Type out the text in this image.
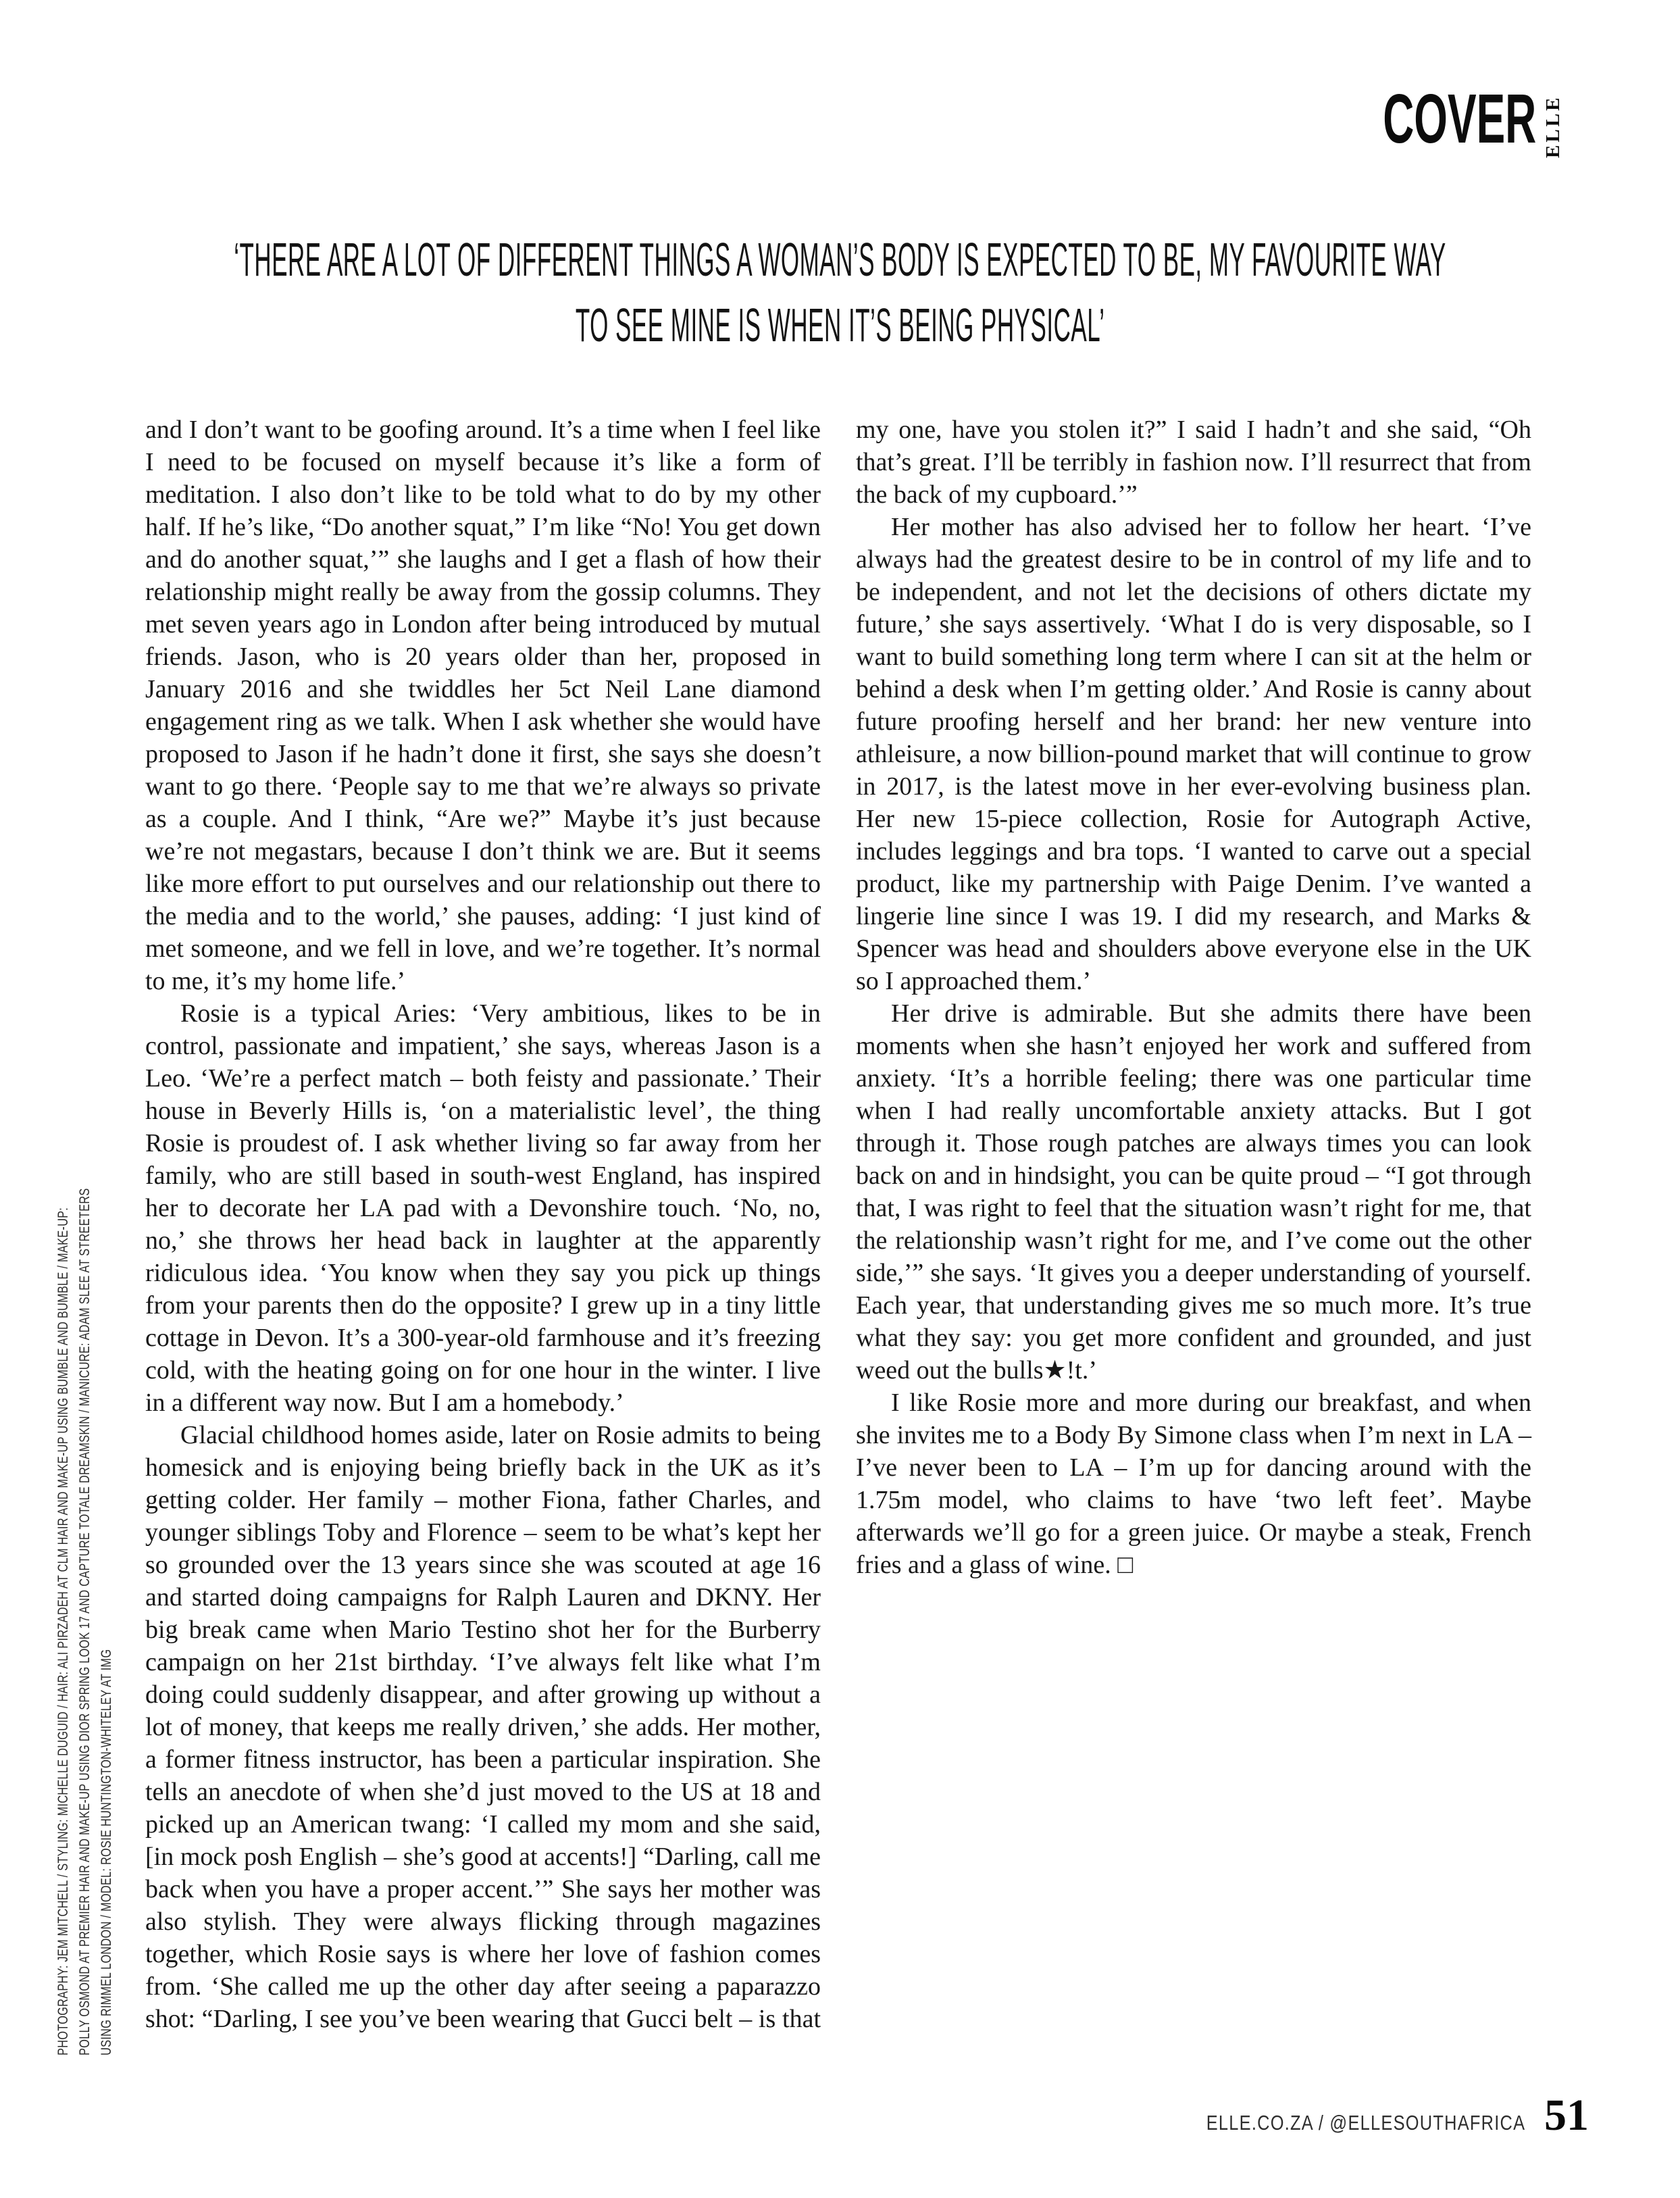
COVER ELLE
‘THERE ARE A LOT OF DIFFERENT THINGS A WOMAN’S BODY IS EXPECTED TO BE, MY FAVOURITE WAY
TO SEE MINE IS WHEN IT’S BEING PHYSICAL’

and I don’t want to be goofing around. It’s a time when I feel like I need to be focused on myself because it’s like a form of meditation. I also don’t like to be told what to do by my other half. If he’s like, “Do another squat,” I’m like “No! You get down and do another squat,’” she laughs and I get a flash of how their relationship might really be away from the gossip columns. They met seven years ago in London after being introduced by mutual friends. Jason, who is 20 years older than her, proposed in January 2016 and she twiddles her 5ct Neil Lane diamond engagement ring as we talk. When I ask whether she would have proposed to Jason if he hadn’t done it first, she says she doesn’t want to go there. ‘People say to me that we’re always so private as a couple. And I think, “Are we?” Maybe it’s just because we’re not megastars, because I don’t think we are. But it seems like more effort to put ourselves and our relationship out there to the media and to the world,’ she pauses, adding: ‘I just kind of met someone, and we fell in love, and we’re together. It’s normal to me, it’s my home life.’

Rosie is a typical Aries: ‘Very ambitious, likes to be in control, passionate and impatient,’ she says, whereas Jason is a Leo. ‘We’re a perfect match – both feisty and passionate.’ Their house in Beverly Hills is, ‘on a materialistic level’, the thing Rosie is proudest of. I ask whether living so far away from her family, who are still based in south-west England, has inspired her to decorate her LA pad with a Devonshire touch. ‘No, no, no,’ she throws her head back in laughter at the apparently ridiculous idea. ‘You know when they say you pick up things from your parents then do the opposite? I grew up in a tiny little cottage in Devon. It’s a 300-year-old farmhouse and it’s freezing cold, with the heating going on for one hour in the winter. I live in a different way now. But I am a homebody.’

Glacial childhood homes aside, later on Rosie admits to being homesick and is enjoying being briefly back in the UK as it’s getting colder. Her family – mother Fiona, father Charles, and younger siblings Toby and Florence – seem to be what’s kept her so grounded over the 13 years since she was scouted at age 16 and started doing campaigns for Ralph Lauren and DKNY. Her big break came when Mario Testino shot her for the Burberry campaign on her 21st birthday. ‘I’ve always felt like what I’m doing could suddenly disappear, and after growing up without a lot of money, that keeps me really driven,’ she adds. Her mother, a former fitness instructor, has been a particular inspiration. She tells an anecdote of when she’d just moved to the US at 18 and picked up an American twang: ‘I called my mom and she said, [in mock posh English – she’s good at accents!] “Darling, call me back when you have a proper accent.’” She says her mother was also stylish. They were always flicking through magazines together, which Rosie says is where her love of fashion comes from. ‘She called me up the other day after seeing a paparazzo shot: “Darling, I see you’ve been wearing that Gucci belt – is that my one, have you stolen it?” I said I hadn’t and she said, “Oh that’s great. I’ll be terribly in fashion now. I’ll resurrect that from the back of my cupboard.’”

Her mother has also advised her to follow her heart. ‘I’ve always had the greatest desire to be in control of my life and to be independent, and not let the decisions of others dictate my future,’ she says assertively. ‘What I do is very disposable, so I want to build something long term where I can sit at the helm or behind a desk when I’m getting older.’ And Rosie is canny about future proofing herself and her brand: her new venture into athleisure, a now billion-pound market that will continue to grow in 2017, is the latest move in her ever-evolving business plan. Her new 15-piece collection, Rosie for Autograph Active, includes leggings and bra tops. ‘I wanted to carve out a special product, like my partnership with Paige Denim. I’ve wanted a lingerie line since I was 19. I did my research, and Marks & Spencer was head and shoulders above everyone else in the UK so I approached them.’

Her drive is admirable. But she admits there have been moments when she hasn’t enjoyed her work and suffered from anxiety. ‘It’s a horrible feeling; there was one particular time when I had really uncomfortable anxiety attacks. But I got through it. Those rough patches are always times you can look back on and in hindsight, you can be quite proud – “I got through that, I was right to feel that the situation wasn’t right for me, that the relationship wasn’t right for me, and I’ve come out the other side,’” she says. ‘It gives you a deeper understanding of yourself. Each year, that understanding gives me so much more. It’s true what they say: you get more confident and grounded, and just weed out the bulls★!t.’

I like Rosie more and more during our breakfast, and when she invites me to a Body By Simone class when I’m next in LA – I’ve never been to LA – I’m up for dancing around with the 1.75m model, who claims to have ‘two left feet’. Maybe afterwards we’ll go for a green juice. Or maybe a steak, French fries and a glass of wine. □

PHOTOGRAPHY: JEM MITCHELL / STYLING: MICHELLE DUGUID / HAIR: ALI PIRZADEH AT CLM HAIR AND MAKE-UP USING BUMBLE AND BUMBLE / MAKE-UP: POLLY OSMOND AT PREMIER HAIR AND MAKE-UP USING DIOR SPRING LOOK 17 AND CAPTURE TOTALE DREAMSKIN / MANICURE: ADAM SLEE AT STREETERS USING RIMMEL LONDON / MODEL: ROSIE HUNTINGTON-WHITELEY AT IMG
ELLE.CO.ZA / @ELLESOUTHAFRICA 51
